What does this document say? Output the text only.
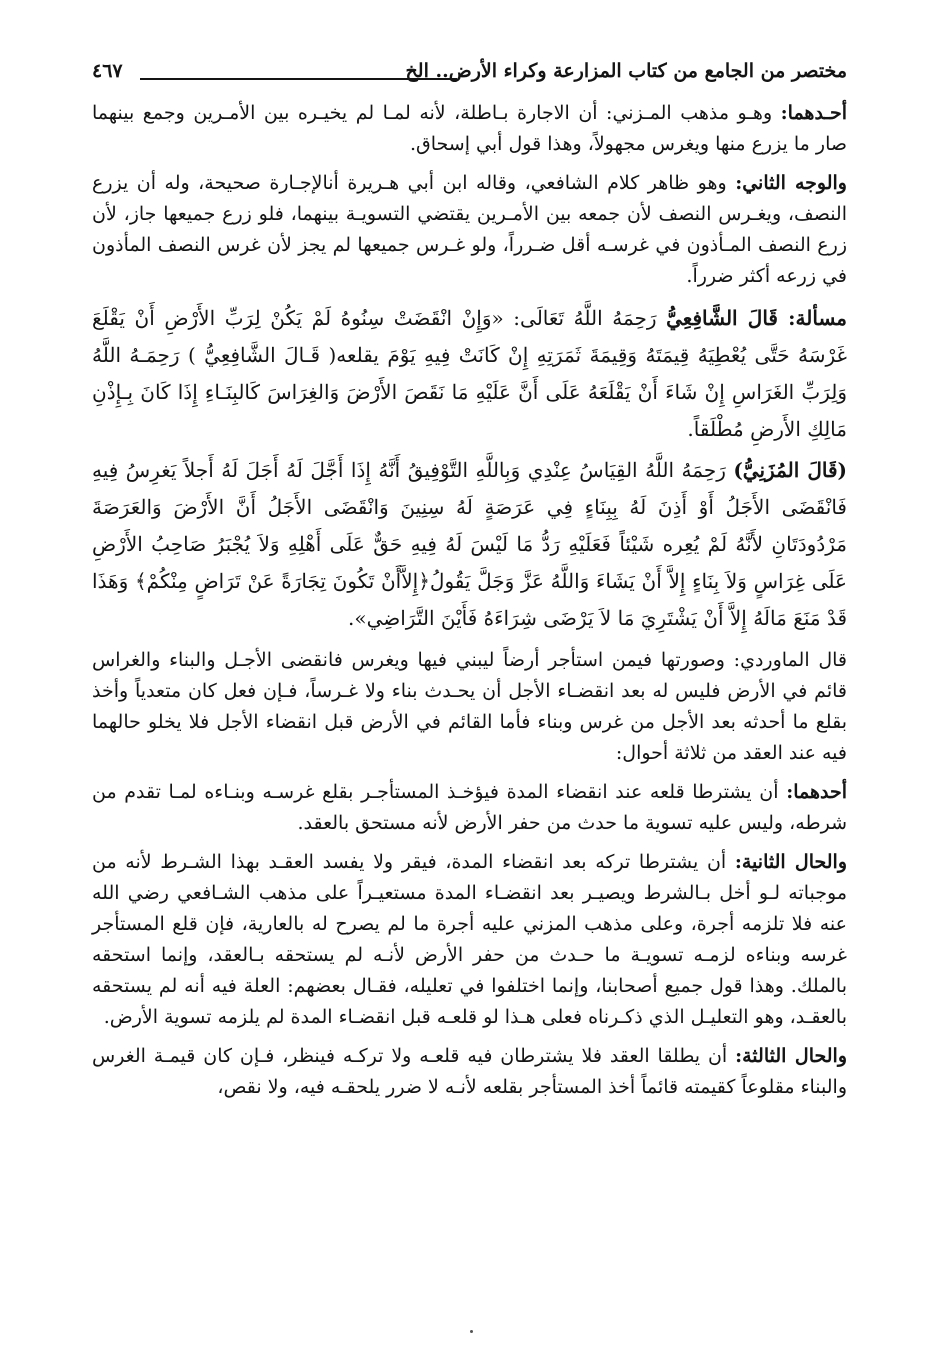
مختصر من الجامع من كتاب المزارعة وكراء الأرض.. الخ
٤٦٧

أحـدهما: وهـو مذهب المـزني: أن الاجارة بـاطلة، لأنه لمـا لم يخيـره بين الأمـرين وجمع بينهما صار ما يزرع منها ويغرس مجهولاً، وهذا قول أبي إسحاق.

والوجه الثاني: وهو ظاهر كلام الشافعي، وقاله ابن أبي هـريرة أنالإجـارة صحيحة، وله أن يزرع النصف، ويغـرس النصف لأن جمعه بين الأمـرين يقتضي التسويـة بينهما، فلو زرع جميعها جاز، لأن زرع النصف المـأذون في غرسـه أقل ضـرراً، ولو غـرس جميعها لم يجز لأن غرس النصف المأذون في زرعه أكثر ضرراً.

مسألة: قَالَ الشَّافِعِيُّ رَحِمَهُ اللَّهُ تَعَالَى: «وَإِنْ انْقَضَتْ سِنُوهُ لَمْ يَكُنْ لِرَبِّ الأَرْضِ أَنْ يَقْلَعَ غَرْسَهُ حَتَّى يُعْطِيَهُ قِيمَتَهُ وَقِيمَةَ ثَمَرَتِهِ إِنْ كَانَتْ فِيهِ يَوْمَ يقلعه( قَـالَ الشَّافِعِيُّ ) رَحِمَـهُ اللَّهُ وَلِرَبِّ الغَرَاسِ إِنْ شَاءَ أَنْ يَقْلَعَهُ عَلَى أَنَّ عَلَيْهِ مَا نَقَصَ الأَرْضَ وَالغِرَاسَ كَالبِنَـاءِ إِذَا كَانَ بِـإِذْنِ مَالِكِ الأَرضِ مُطْلَقاً.

(قَالَ المُزَنِيُّ) رَحِمَهُ اللَّهُ القِيَاسُ عِنْدِي وَبِاللَّهِ التَّوْفِيقُ أَنَّهُ إِذَا أَجَّلَ لَهُ أَجَلَ لَهُ أَجلاً يَغرِسُ فِيهِ فَانْقَضَى الأَجَلُ أَوْ أَذِنَ لَهُ بِبِنَاءٍ فِي عَرَصَةٍ لَهُ سِنِينَ وَانْقَضَى الأَجَلُ أَنَّ الأَرْضَ وَالعَرَصَةَ مَرْدُودَتَانِ لأَنَّهُ لَمْ يُعِره شَيْئاً فَعَلَيْهِ رَدُّ مَا لَيْسَ لَهُ فِيهِ حَقٌّ عَلَى أَهْلِهِ وَلاَ يُجْبَرُ صَاحِبُ الأَرْضِ عَلَى غِرَاسٍ وَلاَ بِنَاءٍ إِلاَّ أَنْ يَشَاءَ وَاللَّهُ عَزَّ وَجَلَّ يَقُولُ﴿إِلاَّأَنْ تَكُونَ تِجَارَةً عَنْ تَرَاضٍ مِنْكُمْ﴾ وَهَذَا قَدْ مَنَعَ مَالَهُ إِلاَّ أَنْ يَشْتَرِيَ مَا لاَ يَرْضَى شِرَاءَهُ فَأَيْنَ التَّرَاضِي».

قال الماوردي: وصورتها فيمن استأجر أرضاً ليبني فيها ويغرس فانقضى الأجـل والبناء والغراس قائم في الأرض فليس له بعد انقضـاء الأجل أن يحـدث بناء ولا غـرساً، فـإن فعل كان متعدياً وأخذ بقلع ما أحدثه بعد الأجل من غرس وبناء فأما القائم في الأرض قبل انقضاء الأجل فلا يخلو حالهما فيه عند العقد من ثلاثة أحوال:

أحدهما: أن يشترطا قلعه عند انقضاء المدة فيؤخـذ المستأجـر بقلع غرسـه وبنـاءه لمـا تقدم من شرطه، وليس عليه تسوية ما حدث من حفر الأرض لأنه مستحق بالعقد.

والحال الثانية: أن يشترطا تركه بعد انقضاء المدة، فيقر ولا يفسد العقـد بهذا الشـرط لأنه من موجباته لـو أخل بـالشرط ويصيـر بعد انقضـاء المدة مستعيـراً على مذهب الشـافعي رضي الله عنه فلا تلزمه أجرة، وعلى مذهب المزني عليه أجرة ما لم يصرح له بالعارية، فإن قلع المستأجر غرسه وبناءه لزمـه تسويـة ما حـدث من حفر الأرض لأنـه لم يستحقه بـالعقد، وإنما استحقه بالملك. وهذا قول جميع أصحابنا، وإنما اختلفوا في تعليله، فقـال بعضهم: العلة فيه أنه لم يستحقه بالعقـد، وهو التعليـل الذي ذكـرناه فعلى هـذا لو قلعـه قبل انقضـاء المدة لم يلزمه تسوية الأرض.

والحال الثالثة: أن يطلقا العقد فلا يشترطان فيه قلعـه ولا تركـه فينظر، فـإن كان قيمـة الغرس والبناء مقلوعاً كقيمته قائماً أخذ المستأجر بقلعه لأنـه لا ضرر يلحقـه فيه، ولا نقص،
